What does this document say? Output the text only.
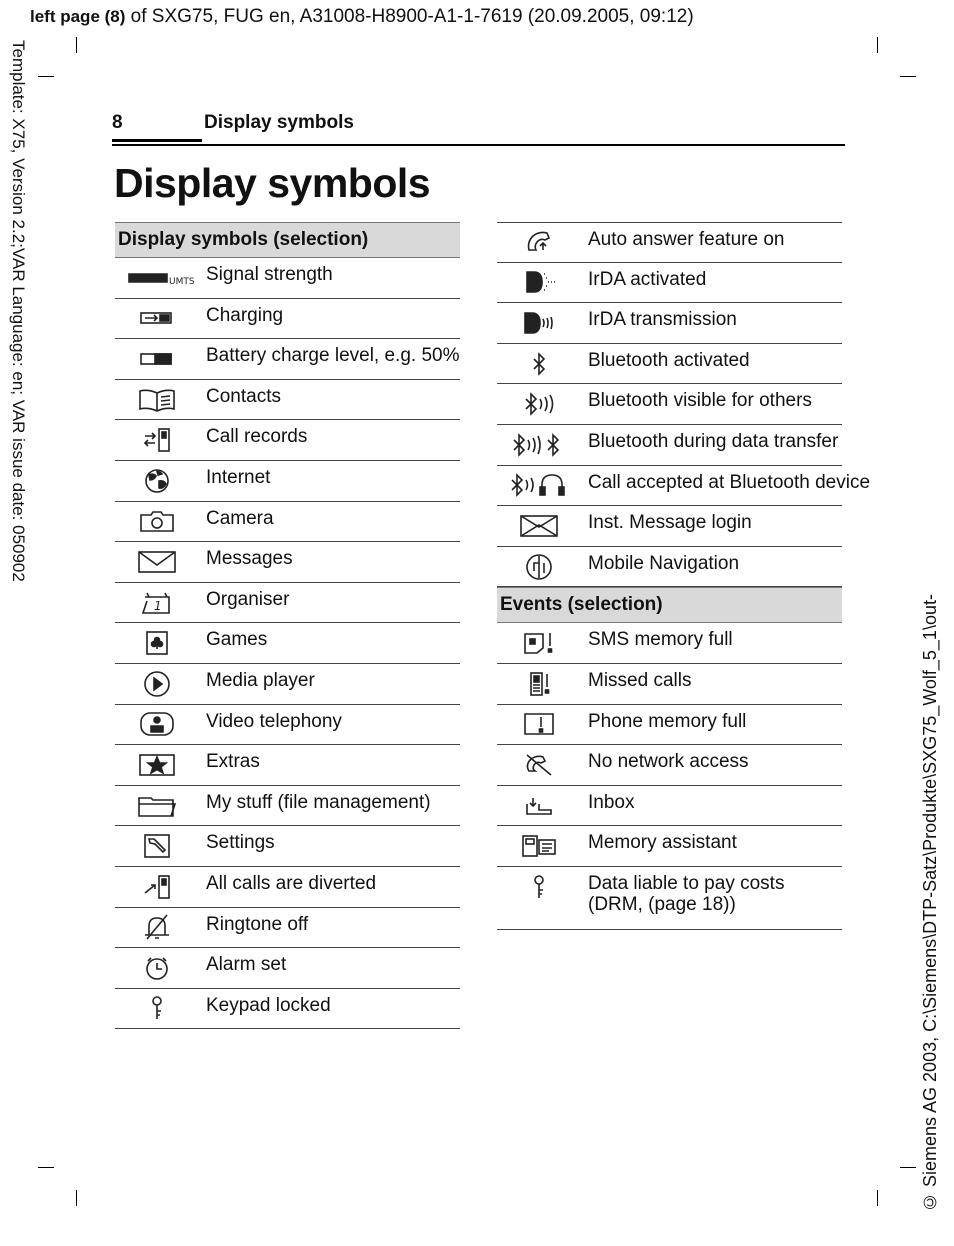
left page (8) of SXG75, FUG en, A31008-H8900-A1-1-7619 (20.09.2005, 09:12)
Template: X75, Version 2.2;VAR Language: en; VAR issue date: 050902
© Siemens AG 2003, C:\Siemens\DTP-Satz\Produkte\SXG75_Wolf_5_1\out-
8	Display symbols
Display symbols
Display symbols (selection)
UMTS Signal strength
Charging
Battery charge level, e.g. 50%
Contacts
Call records
Internet
Camera
Messages
1 Organiser
Games
Media player
Video telephony
Extras
My stuff (file management)
Settings
All calls are diverted
Ringtone off
Alarm set
Keypad locked
Auto answer feature on
IrDA activated
IrDA transmission
Bluetooth activated
Bluetooth visible for others
Bluetooth during data transfer
Call accepted at Bluetooth device
Inst. Message login
Mobile Navigation
Events (selection)
SMS memory full
Missed calls
Phone memory full
No network access
Inbox
Memory assistant
Data liable to pay costs
(DRM, (page 18))
